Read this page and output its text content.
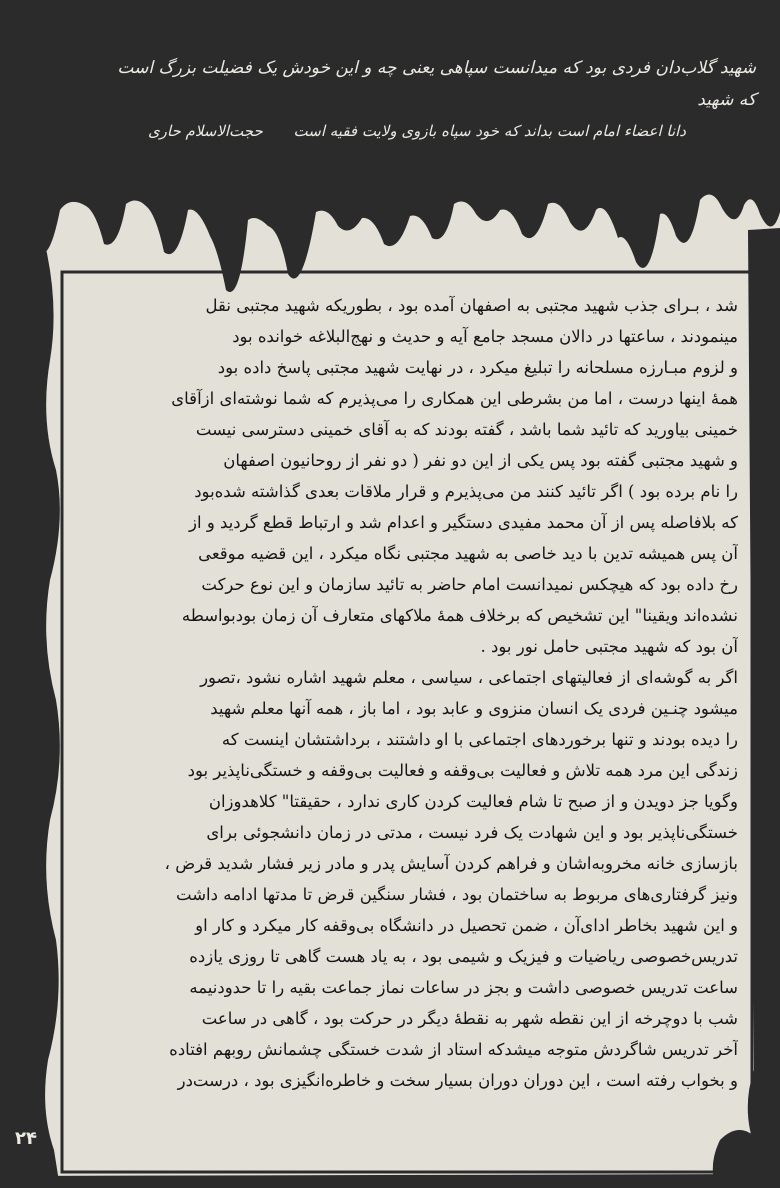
شهید گلاب‌دان فردی بود که میدانست سپاهی یعنی چه و این خودش یک فضیلت بزرگ است که شهید
دانا اعضاء امام است بداند که خود سپاه بازوی ولایت فقیه است حجت‌الاسلام حاری
شد ، بـرای جذب شهید مجتبی به اصفهان آمده بود ، بطوریکه شهید مجتبی نقل
مینمودند ، ساعتها در دالان مسجد جامع آیه و حدیث و نهج‌البلاغه خوانده بود
و لزوم مبـارزه مسلحانه را تبلیغ میکرد ، در نهایت شهید مجتبی پاسخ داده بود
همهٔ اینها درست ، اما من بشرطی این همکاری را می‌پذیرم که شما نوشته‌ای ازآقای
خمینی بیاورید که تائید شما باشد ، گفته بودند که به آقای خمینی دسترسی نیست
و شهید مجتبی گفته بود پس یکی از این دو نفر ( دو نفر از روحانیون اصفهان
را نام برده بود ) اگر تائید کنند من می‌پذیرم و قرار ملاقات بعدی گذاشته شده‌بود
که بلافاصله پس از آن محمد مفیدی دستگیر و اعدام شد و ارتباط قطع گردید و از
آن پس همیشه تدین با دید خاصی به شهید مجتبی نگاه میکرد ، این قضیه موقعی
رخ داده بود که هیچکس نمیدانست امام حاضر به تائید سازمان و این نوع حرکت
نشده‌اند ویقینا" این تشخیص که برخلاف همهٔ ملاکهای متعارف آن زمان بودبواسطه
آن بود که شهید مجتبی حامل نور بود .
اگر به گوشه‌ای از فعالیتهای اجتماعی ، سیاسی ، معلم شهید اشاره نشود ،تصور
میشود چنـین فردی یک انسان منزوی و عابد بود ، اما باز ، همه آنها معلم شهید
را دیده بودند و تنها برخوردهای اجتماعی با او داشتند ، برداشتشان اینست که
زندگی این مرد همه تلاش و فعالیت بی‌وقفه و فعالیت بی‌وقفه و خستگی‌ناپذیر بود
وگویا جز دویدن و از صبح تا شام فعالیت کردن کاری ندارد ، حقیقتا" کلاهدوزان
خستگی‌ناپذیر بود و این شهادت یک فرد نیست ، مدتی در زمان دانشجوئی برای
بازسازی خانه مخروبه‌اشان و فراهم کردن آسایش پدر و مادر زیر فشار شدید قرض ،
ونیز گرفتاری‌های مربوط به ساختمان بود ، فشار سنگین قرض تا مدتها ادامه داشت
و این شهید بخاطر ادای‌آن ، ضمن تحصیل در دانشگاه بی‌وقفه کار میکرد و کار او
تدریس‌خصوصی ریاضیات و فیزیک و شیمی بود ، به یاد هست گاهی تا روزی یازده
ساعت تدریس خصوصی داشت و بجز در ساعات نماز جماعت بقیه را تا حدودنیمه
شب با دوچرخه از این نقطه شهر به نقطهٔ دیگر در حرکت بود ، گاهی در ساعت
آخر تدریس شاگردش متوجه میشدکه استاد از شدت خستگی چشمانش روبهم افتاده
و بخواب رفته است ، این دوران دوران بسیار سخت و خاطره‌انگیزی بود ، درست‌در
۲۴
